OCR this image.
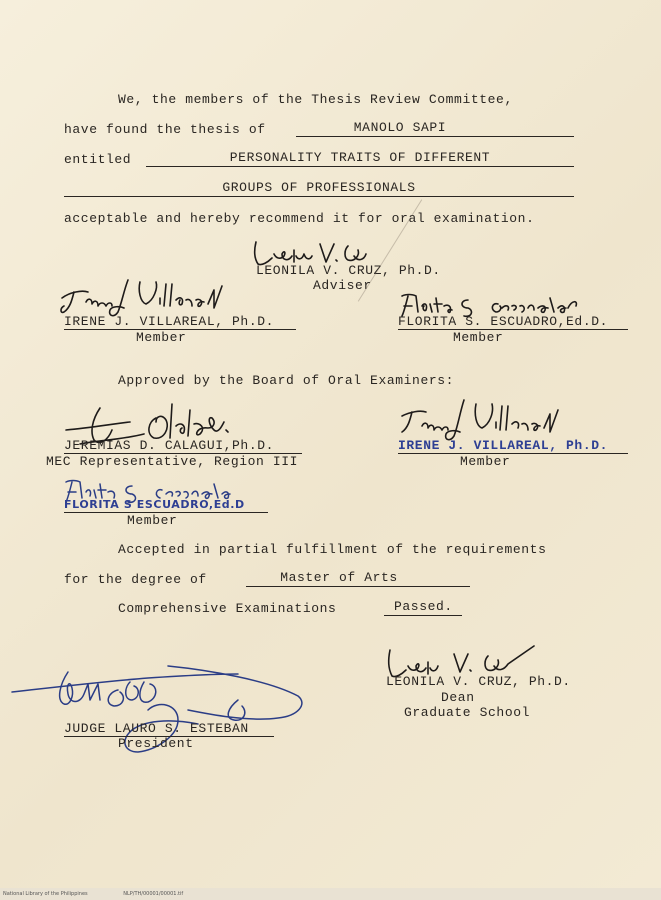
We, the members of the Thesis Review Committee,
have found the thesis of	MANOLO SAPI
entitled	PERSONALITY TRAITS OF DIFFERENT
GROUPS OF PROFESSIONALS
acceptable and hereby recommend it for oral examination.
LEONILA V. CRUZ, Ph.D.
Adviser
IRENE J. VILLAREAL, Ph.D.
Member
FLORITA S. ESCUADRO,Ed.D.
Member
Approved by the Board of Oral Examiners:
JEREMIAS D. CALAGUI,Ph.D.
MEC Representative, Region III
IRENE J. VILLAREAL, Ph.D.
Member
FLORITA S ESCUADRO,Ed.D
Member
Accepted in partial fulfillment of the requirements
for the degree of	Master of Arts
Comprehensive Examinations	Passed.
LEONILA V. CRUZ, Ph.D.
Dean
Graduate School
JUDGE LAURO S. ESTEBAN
President
National Library of the Philippines	NLP/TH/00001/00001.tif
